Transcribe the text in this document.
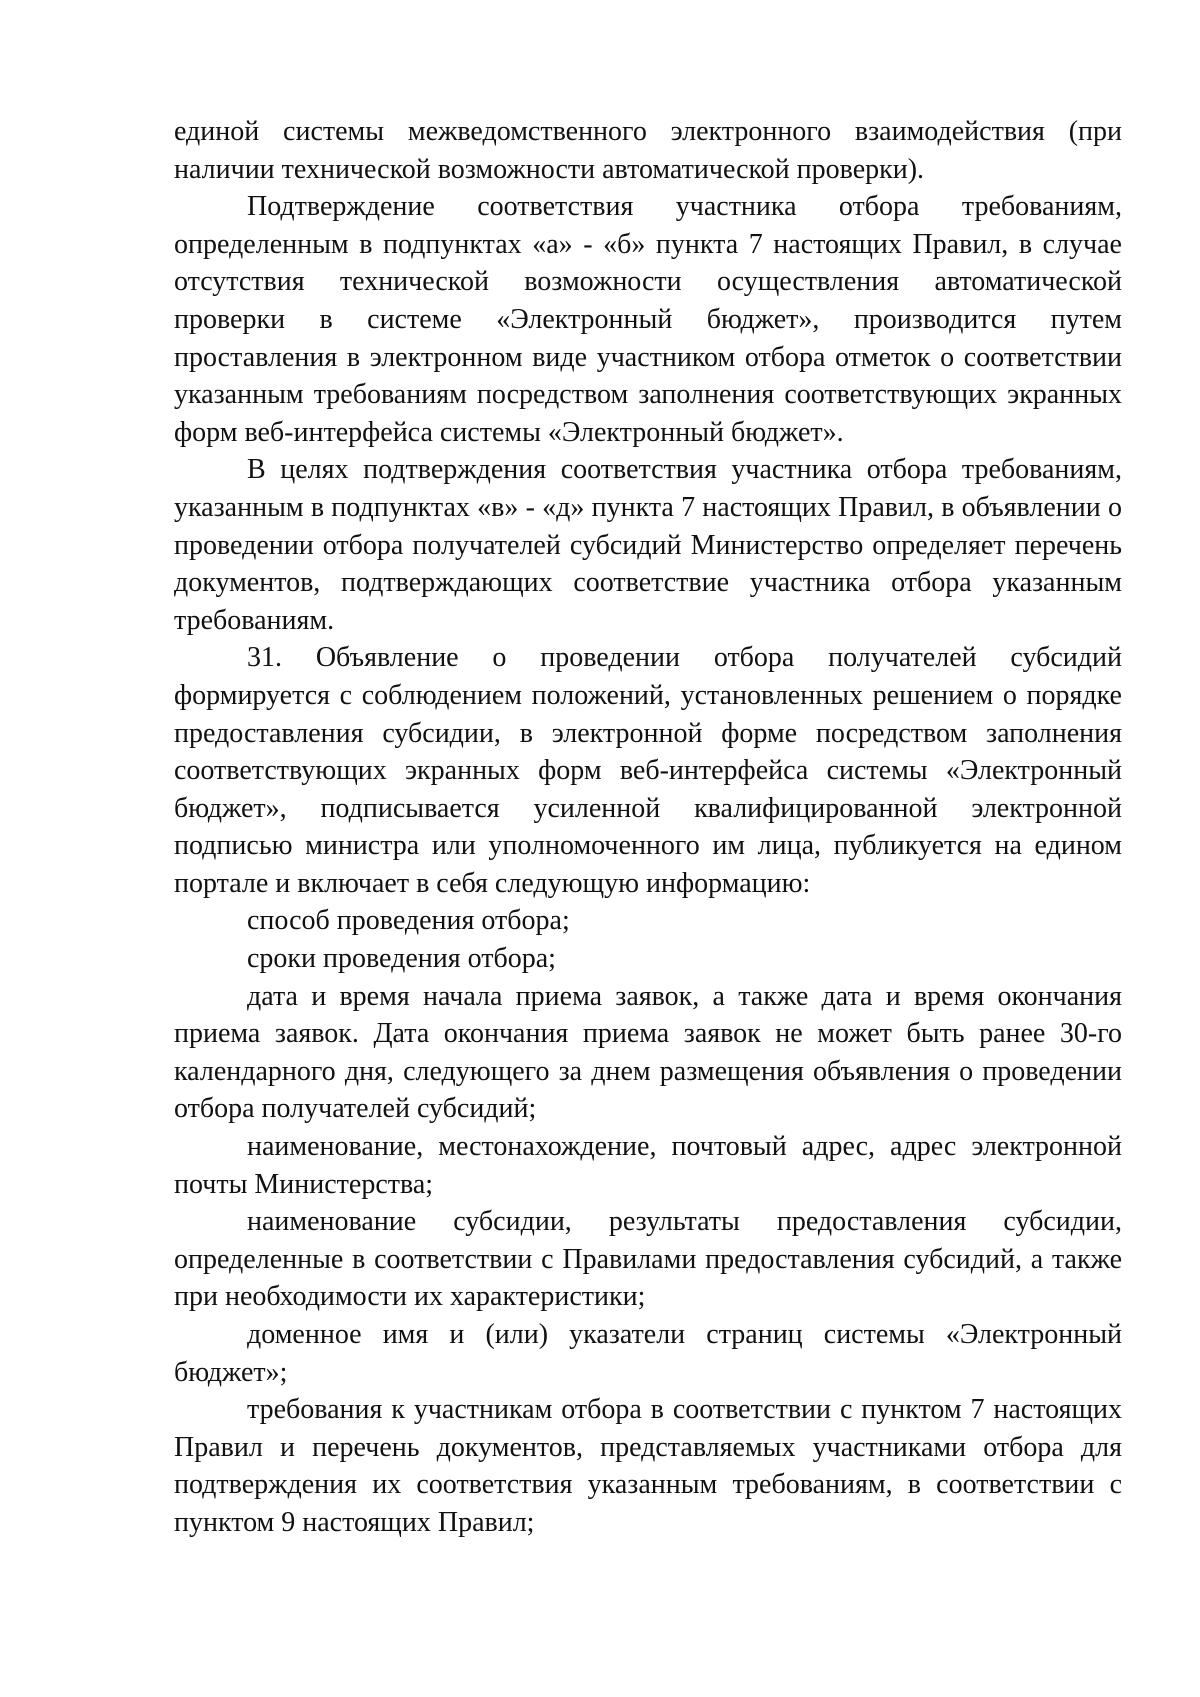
единой системы межведомственного электронного взаимодействия (при наличии технической возможности автоматической проверки).

Подтверждение соответствия участника отбора требованиям, определенным в подпунктах «а» - «б» пункта 7 настоящих Правил, в случае отсутствия технической возможности осуществления автоматической проверки в системе «Электронный бюджет», производится путем проставления в электронном виде участником отбора отметок о соответствии указанным требованиям посредством заполнения соответствующих экранных форм веб-интерфейса системы «Электронный бюджет».

В целях подтверждения соответствия участника отбора требованиям, указанным в подпунктах «в» - «д» пункта 7 настоящих Правил, в объявлении о проведении отбора получателей субсидий Министерство определяет перечень документов, подтверждающих соответствие участника отбора указанным требованиям.

31. Объявление о проведении отбора получателей субсидий формируется с соблюдением положений, установленных решением о порядке предоставления субсидии, в электронной форме посредством заполнения соответствующих экранных форм веб-интерфейса системы «Электронный бюджет», подписывается усиленной квалифицированной электронной подписью министра или уполномоченного им лица, публикуется на едином портале и включает в себя следующую информацию:

способ проведения отбора;

сроки проведения отбора;

дата и время начала приема заявок, а также дата и время окончания приема заявок. Дата окончания приема заявок не может быть ранее 30-го календарного дня, следующего за днем размещения объявления о проведении отбора получателей субсидий;

наименование, местонахождение, почтовый адрес, адрес электронной почты Министерства;

наименование субсидии, результаты предоставления субсидии, определенные в соответствии с Правилами предоставления субсидий, а также при необходимости их характеристики;

доменное имя и (или) указатели страниц системы «Электронный бюджет»;

требования к участникам отбора в соответствии с пунктом 7 настоящих Правил и перечень документов, представляемых участниками отбора для подтверждения их соответствия указанным требованиям, в соответствии с пунктом 9 настоящих Правил;
